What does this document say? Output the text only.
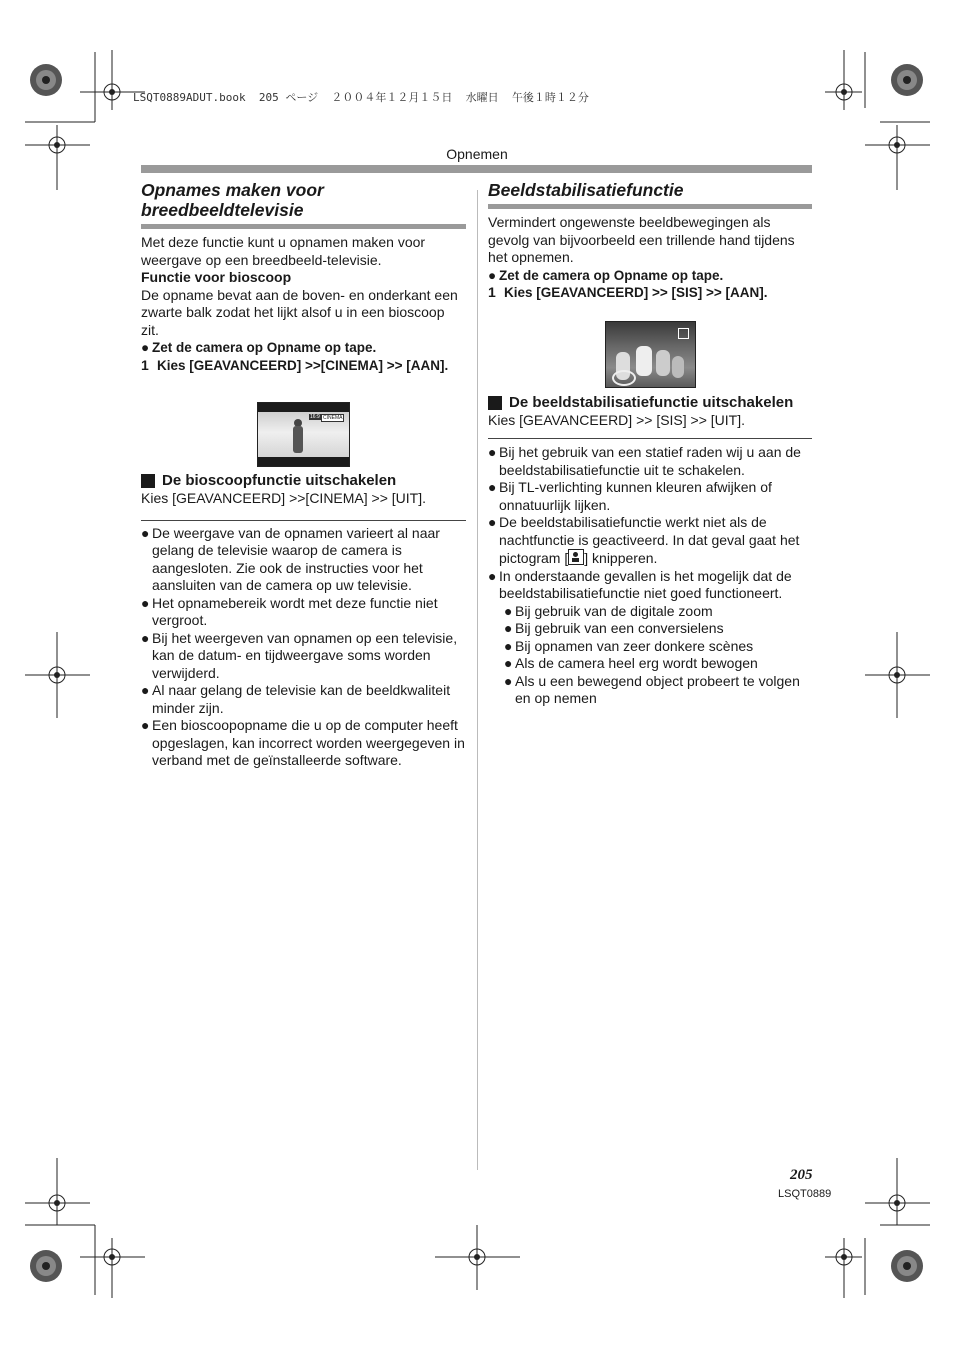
LSQT0889ADUT.book  205 ページ  ２００４年１２月１５日  水曜日  午後１時１２分
Opnemen
Opnames maken voor
breedbeeldtelevisie

Met deze functie kunt u opnamen maken voor weergave op een breedbeeld-televisie.

Functie voor bioscoop

De opname bevat aan de boven- en onderkant een zwarte balk zodat het lijkt alsof u in een bioscoop zit.

● Zet de camera op Opname op tape.
1 Kies [GEAVANCEERD] >>[CINEMA] >> [AAN].
De bioscoopfunctie uitschakelen

Kies [GEAVANCEERD] >>[CINEMA] >> [UIT].

● De weergave van de opnamen varieert al naar gelang de televisie waarop de camera is aangesloten. Zie ook de instructies voor het aansluiten van de camera op uw televisie.
● Het opnamebereik wordt met deze functie niet vergroot.
● Bij het weergeven van opnamen op een televisie, kan de datum- en tijdweergave soms worden verwijderd.
● Al naar gelang de televisie kan de beeldkwaliteit minder zijn.
● Een bioscoopopname die u op de computer heeft opgeslagen, kan incorrect worden weergegeven in verband met de geïnstalleerde software.
16:9 CINEMA
Beeldstabilisatiefunctie

Vermindert ongewenste beeldbewegingen als gevolg van bijvoorbeeld een trillende hand tijdens het opnemen.

● Zet de camera op Opname op tape.
1 Kies [GEAVANCEERD] >> [SIS] >> [AAN].
De beeldstabilisatiefunctie uitschakelen

Kies [GEAVANCEERD] >> [SIS] >> [UIT].

● Bij het gebruik van een statief raden wij u aan de beeldstabilisatiefunctie uit te schakelen.
● Bij TL-verlichting kunnen kleuren afwijken of onnatuurlijk lijken.
● De beeldstabilisatiefunctie werkt niet als de nachtfunctie is geactiveerd. In dat geval gaat het pictogram [ ] knipperen.
● In onderstaande gevallen is het mogelijk dat de beeldstabilisatiefunctie niet goed functioneert.
● Bij gebruik van de digitale zoom
● Bij gebruik van een conversielens
● Bij opnamen van zeer donkere scènes
● Als de camera heel erg wordt bewogen
● Als u een bewegend object probeert te volgen en op nemen
205
LSQT0889
